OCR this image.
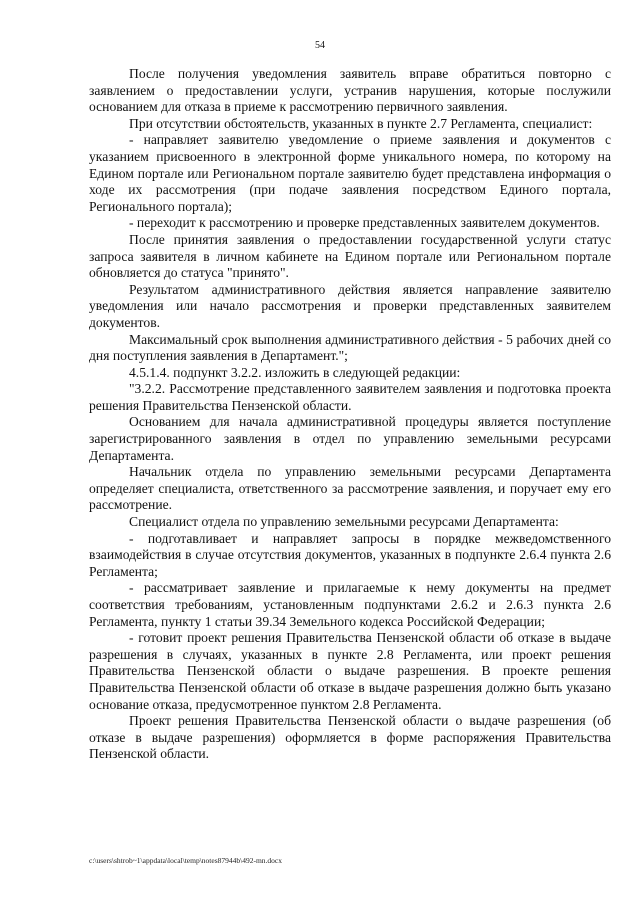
54

После получения уведомления заявитель вправе обратиться повторно с заявлением о предоставлении услуги, устранив нарушения, которые послужили основанием для отказа в приеме к рассмотрению первичного заявления.

При отсутствии обстоятельств, указанных в пункте 2.7 Регламента, специалист:

- направляет заявителю уведомление о приеме заявления и документов с указанием присвоенного в электронной форме уникального номера, по которому на Едином портале или Региональном портале заявителю будет представлена информация о ходе их рассмотрения (при подаче заявления посредством Единого портала, Регионального портала);

- переходит к рассмотрению и проверке представленных заявителем документов.

После принятия заявления о предоставлении государственной услуги статус запроса заявителя в личном кабинете на Едином портале или Региональном портале обновляется до статуса "принято".

Результатом административного действия является направление заявителю уведомления или начало рассмотрения и проверки представленных заявителем документов.

Максимальный срок выполнения административного действия - 5 рабочих дней со дня поступления заявления в Департамент.";

4.5.1.4. подпункт 3.2.2. изложить в следующей редакции:

"3.2.2. Рассмотрение представленного заявителем заявления и подготовка проекта решения Правительства Пензенской области.

Основанием для начала административной процедуры является поступление зарегистрированного заявления в отдел по управлению земельными ресурсами Департамента.

Начальник отдела по управлению земельными ресурсами Департамента определяет специалиста, ответственного за рассмотрение заявления, и поручает ему его рассмотрение.

Специалист отдела по управлению земельными ресурсами Департамента:

- подготавливает и направляет запросы в порядке межведомственного взаимодействия в случае отсутствия документов, указанных в подпункте 2.6.4 пункта 2.6 Регламента;

- рассматривает заявление и прилагаемые к нему документы на предмет соответствия требованиям, установленным подпунктами 2.6.2 и 2.6.3 пункта 2.6 Регламента, пункту 1 статьи 39.34 Земельного кодекса Российской Федерации;

- готовит проект решения Правительства Пензенской области об отказе в выдаче разрешения в случаях, указанных в пункте 2.8 Регламента, или проект решения Правительства Пензенской области о выдаче разрешения. В проекте решения Правительства Пензенской области об отказе в выдаче разрешения должно быть указано основание отказа, предусмотренное пунктом 2.8 Регламента.

Проект решения Правительства Пензенской области о выдаче разрешения (об отказе в выдаче разрешения) оформляется в форме распоряжения Правительства Пензенской области.

c:\users\shtrob~1\appdata\local\temp\notes87944b\492-mn.docx
